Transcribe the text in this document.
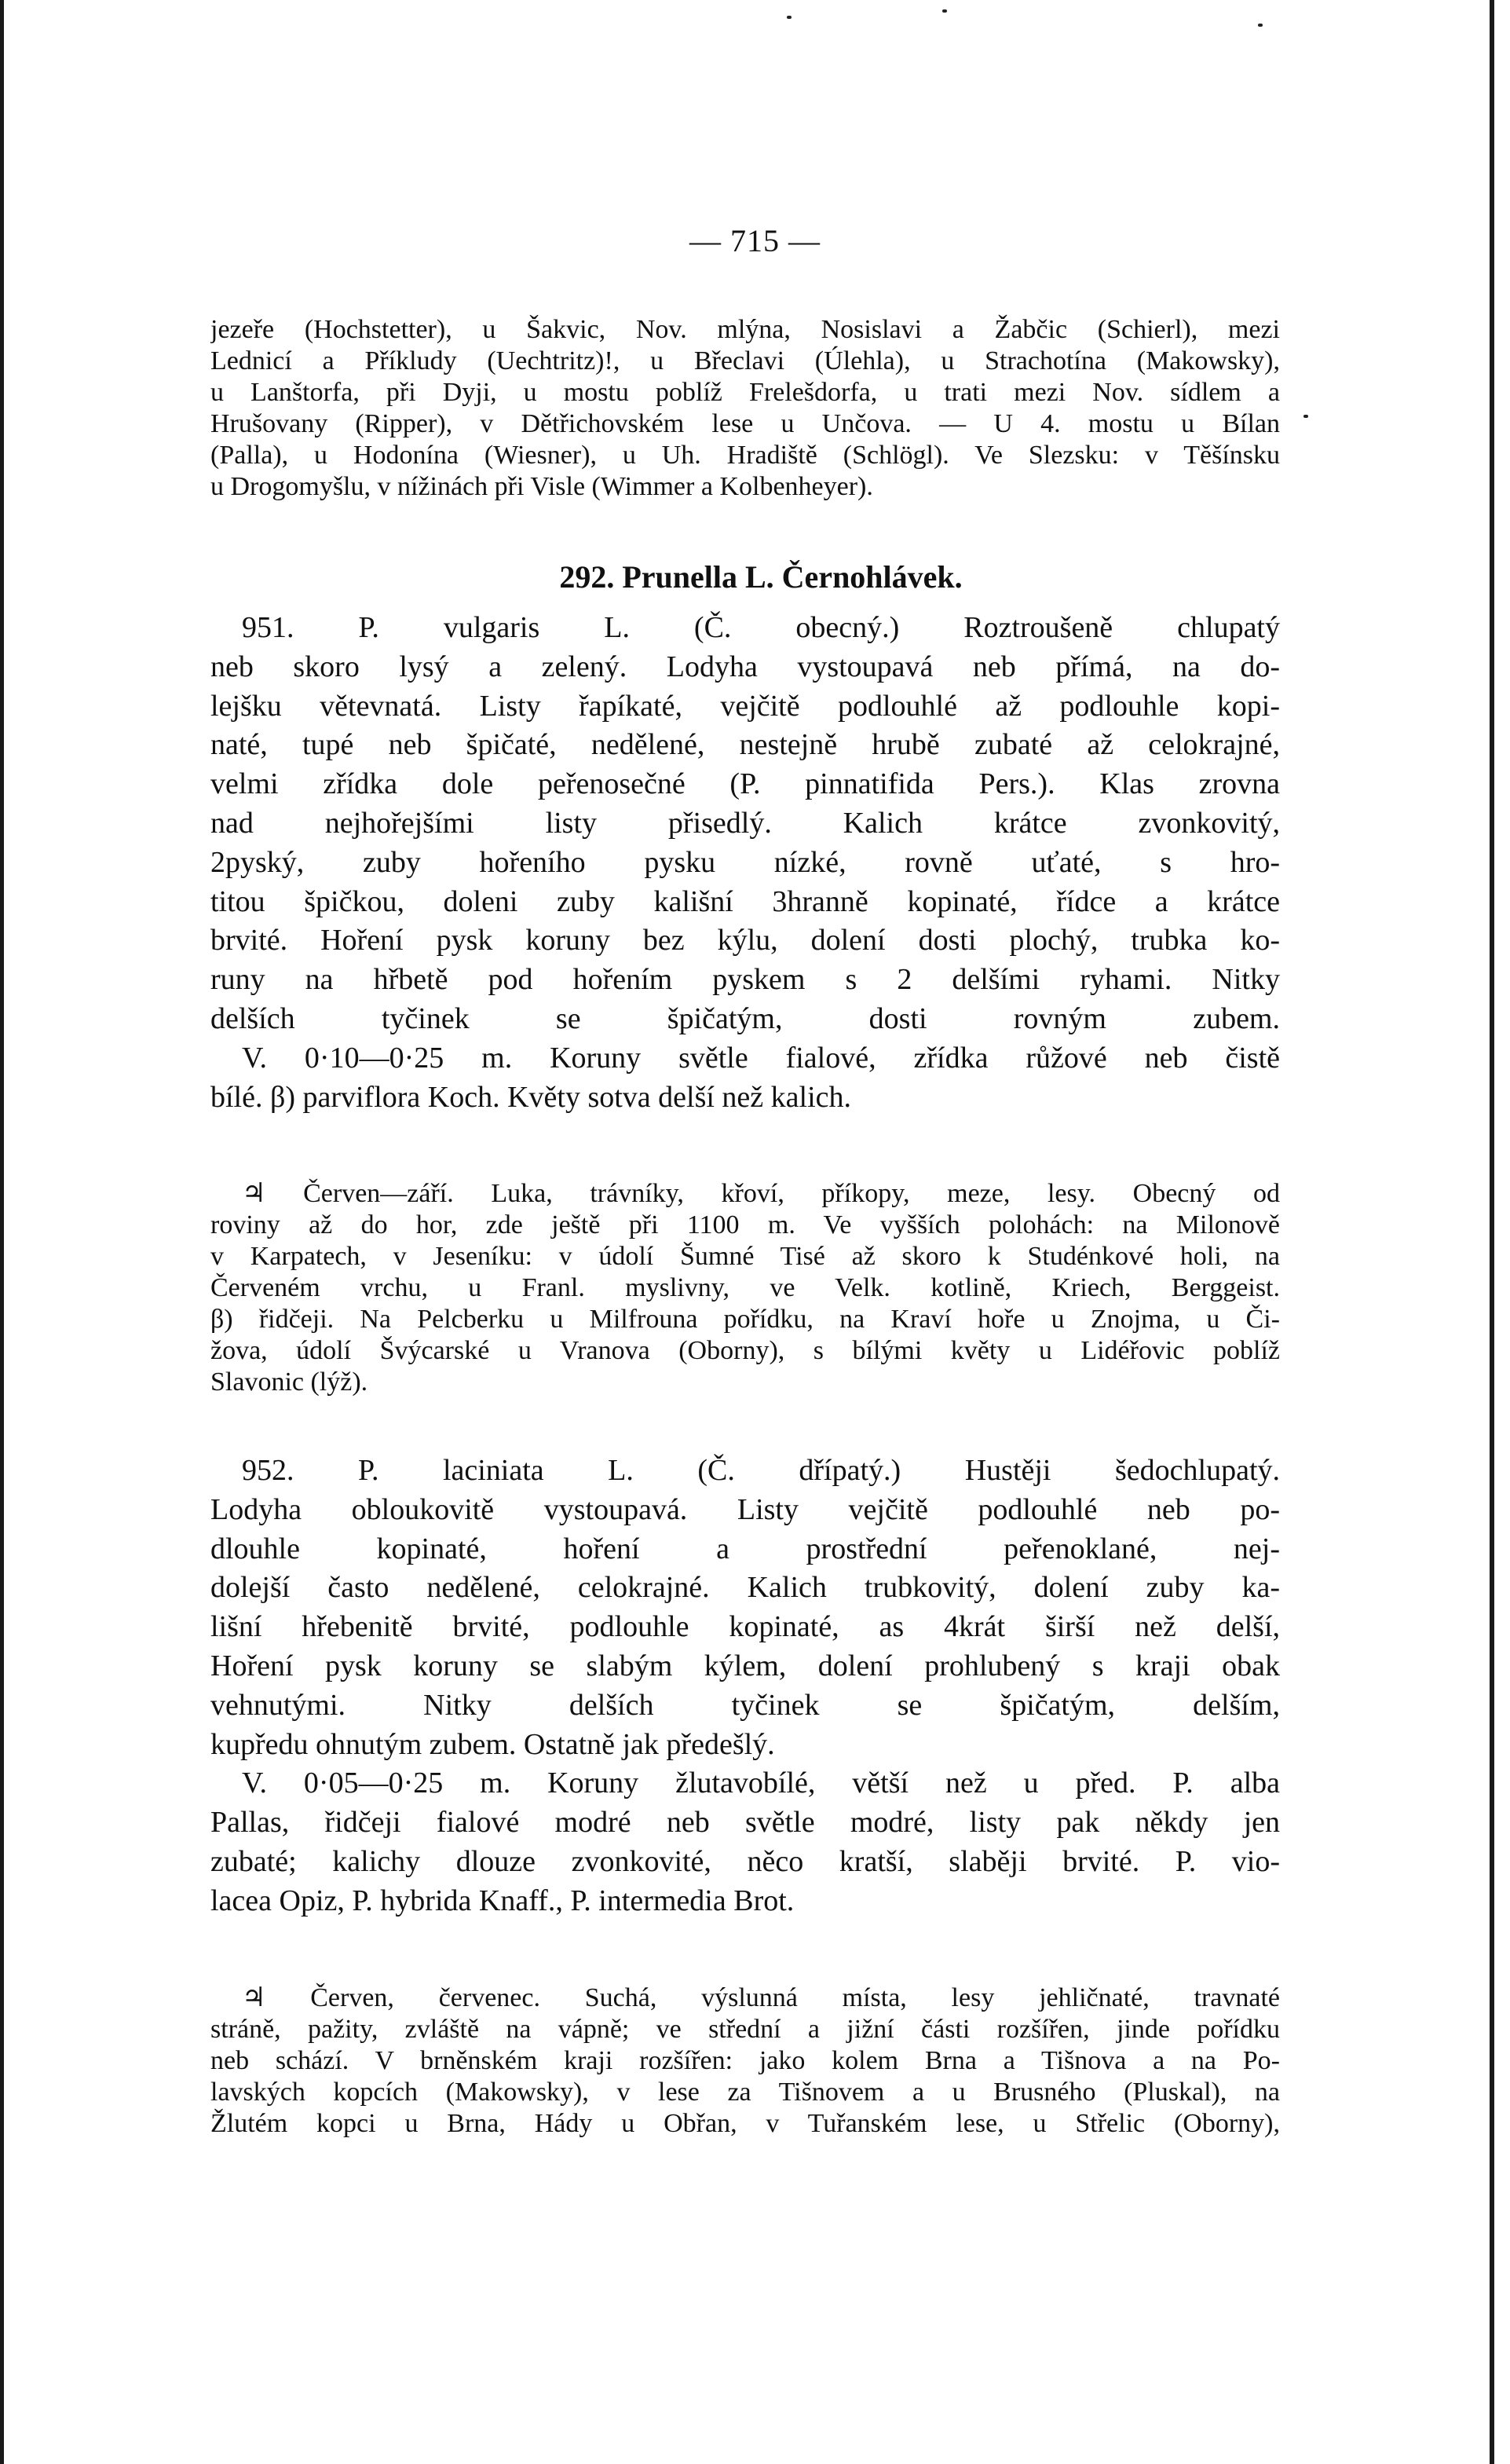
— 715 —
jezeře (Hochstetter), u Šakvic, Nov. mlýna, Nosislavi a Žabčic (Schierl), mezi
Lednicí a Příkludy (Uechtritz)!, u Břeclavi (Úlehla), u Strachotína (Makowsky),
u Lanštorfa, při Dyji, u mostu poblíž Frelešdorfa, u trati mezi Nov. sídlem a
Hrušovany (Ripper), v Dětřichovském lese u Unčova. — U 4. mostu u Bílan
(Palla), u Hodonína (Wiesner), u Uh. Hradiště (Schlögl). Ve Slezsku: v Těšínsku
u Drogomyšlu, v nížinách při Visle (Wimmer a Kolbenheyer).
292. Prunella L. Černohlávek.
951. P. vulgaris L. (Č. obecný.) Roztroušeně chlupatý
neb skoro lysý a zelený. Lodyha vystoupavá neb přímá, na do-
lejšku větevnatá. Listy řapíkaté, vejčitě podlouhlé až podlouhle kopi-
naté, tupé neb špičaté, nedělené, nestejně hrubě zubaté až celokrajné,
velmi zřídka dole peřenosečné (P. pinnatifida Pers.). Klas zrovna
nad nejhořejšími listy přisedlý. Kalich krátce zvonkovitý,
2pyský, zuby hořeního pysku nízké, rovně uťaté, s hro-
titou špičkou, doleni zuby kališní 3hranně kopinaté, řídce a krátce
brvité. Hoření pysk koruny bez kýlu, dolení dosti plochý, trubka ko-
runy na hřbetě pod hořením pyskem s 2 delšími ryhami. Nitky
delších tyčinek se špičatým, dosti rovným zubem.
V. 0·10—0·25 m. Koruny světle fialové, zřídka růžové neb čistě
bílé. β) parviflora Koch. Květy sotva delší než kalich.
♃ Červen—září. Luka, trávníky, křoví, příkopy, meze, lesy. Obecný od
roviny až do hor, zde ještě při 1100 m. Ve vyšších polohách: na Milonově
v Karpatech, v Jeseníku: v údolí Šumné Tisé až skoro k Studénkové holi, na
Červeném vrchu, u Franl. myslivny, ve Velk. kotlině, Kriech, Berggeist.
β) řidčeji. Na Pelcberku u Milfrouna pořídku, na Kraví hoře u Znojma, u Či-
žova, údolí Švýcarské u Vranova (Oborny), s bílými květy u Lidéřovic poblíž
Slavonic (lýž).
952. P. laciniata L. (Č. dřípatý.) Hustěji šedochlupatý.
Lodyha obloukovitě vystoupavá. Listy vejčitě podlouhlé neb po-
dlouhle kopinaté, hoření a prostřední peřenoklané, nej-
dolejší často nedělené, celokrajné. Kalich trubkovitý, dolení zuby ka-
lišní hřebenitě brvité, podlouhle kopinaté, as 4krát širší než delší,
Hoření pysk koruny se slabým kýlem, dolení prohlubený s kraji obak
vehnutými. Nitky delších tyčinek se špičatým, delším,
kupředu ohnutým zubem. Ostatně jak předešlý.
V. 0·05—0·25 m. Koruny žlutavobílé, větší než u před. P. alba
Pallas, řidčeji fialové modré neb světle modré, listy pak někdy jen
zubaté; kalichy dlouze zvonkovité, něco kratší, slaběji brvité. P. vio-
lacea Opiz, P. hybrida Knaff., P. intermedia Brot.
♃ Červen, červenec. Suchá, výslunná místa, lesy jehličnaté, travnaté
stráně, pažity, zvláště na vápně; ve střední a jižní části rozšířen, jinde pořídku
neb schází. V brněnském kraji rozšířen: jako kolem Brna a Tišnova a na Po-
lavských kopcích (Makowsky), v lese za Tišnovem a u Brusného (Pluskal), na
Žlutém kopci u Brna, Hády u Obřan, v Tuřanském lese, u Střelic (Oborny),
